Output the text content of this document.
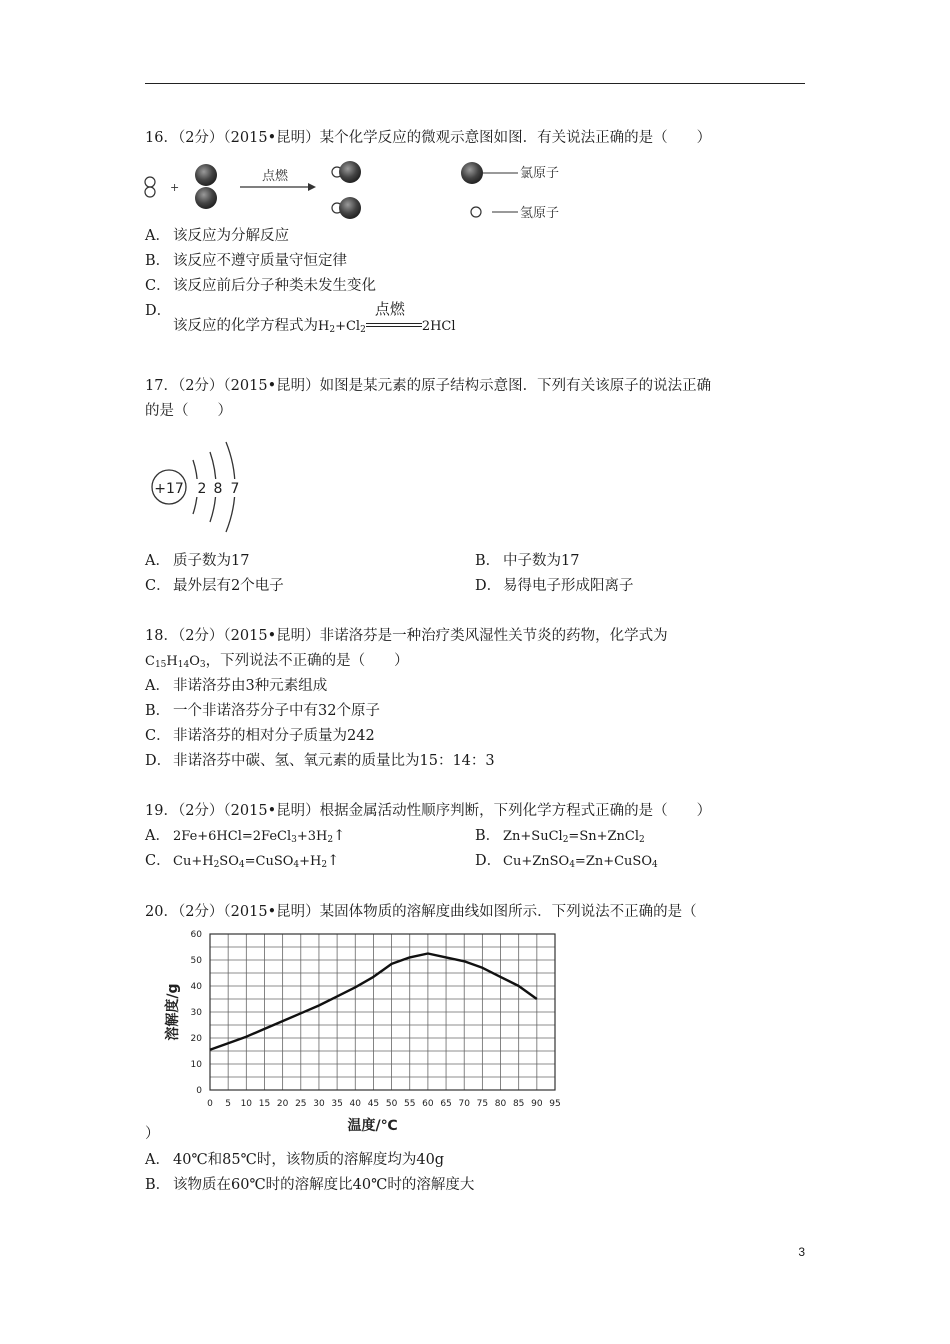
16．（2分）（2015•昆明）某个化学反应的微观示意图如图．有关说法正确的是（　　）
+
点燃	氯原子
氢原子
A． 该反应为分解反应
B． 该反应不遵守质量守恒定律
C． 该反应前后分子种类未发生变化
D．
该反应的化学方程式为$H_2+Cl_2$
点燃
2HCl
17．（2分）（2015•昆明）如图是某元素的原子结构示意图．下列有关该原子的说法正确
的是（　　）
+17 2 8 7
A． 质子数为17	B． 中子数为17
C． 最外层有2个电子	D． 易得电子形成阳离子
18．（2分）（2015•昆明）非诺洛芬是一种治疗类风湿性关节炎的药物，化学式为
$C_{15}H_{14}O_3$，下列说法不正确的是（　　）
A． 非诺洛芬由3种元素组成
B． 一个非诺洛芬分子中有32个原子
C． 非诺洛芬的相对分子质量为242
D． 非诺洛芬中碳、氢、氧元素的质量比为15：14：3
19．（2分）（2015•昆明）根据金属活动性顺序判断，下列化学方程式正确的是（　　）
A． $2Fe+6HCl=2FeCl_3+3H_2↑$	B． Zn+SuCl$_2$=Sn+ZnCl$_2$
C． $Cu+H_2SO_4=CuSO_4+H_2↑$	D． Cu+ZnSO$_4$=Zn+CuSO$_4$
20．（2分）（2015•昆明）某固体物质的溶解度曲线如图所示．下列说法不正确的是（
0
10
20
30
40
50
60
0 5 10 15 20 25 30 35 40 45 50 55 60 65 70 75 80 85 90 95
温度/℃
溶解度/g
）
A． 40℃和85℃时，该物质的溶解度均为40g
B． 该物质在60℃时的溶解度比40℃时的溶解度大
3
